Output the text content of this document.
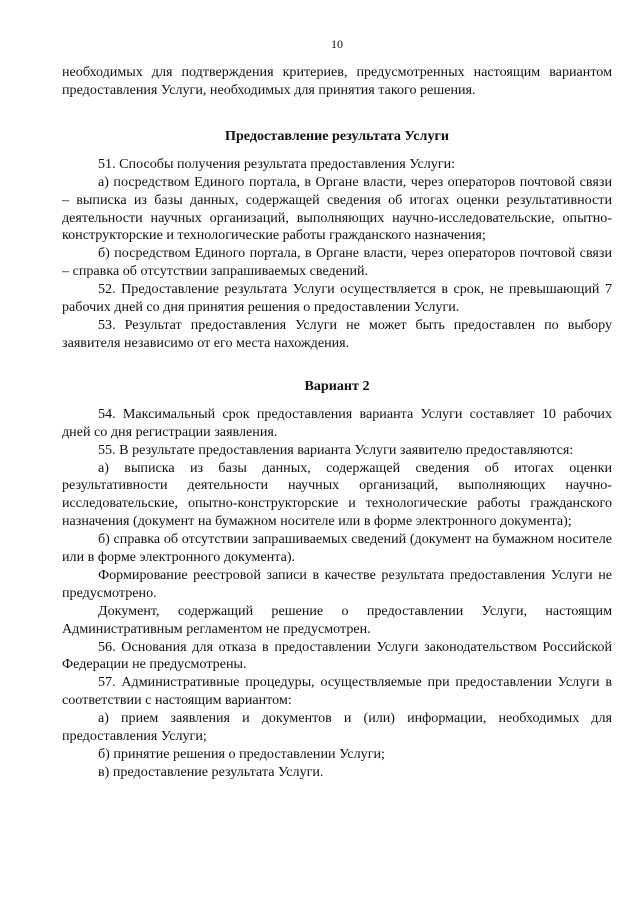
10

необходимых для подтверждения критериев, предусмотренных настоящим вариантом предоставления Услуги, необходимых для принятия такого решения.

Предоставление результата Услуги

51. Способы получения результата предоставления Услуги:

а) посредством Единого портала, в Органе власти, через операторов почтовой связи – выписка из базы данных, содержащей сведения об итогах оценки результативности деятельности научных организаций, выполняющих научно-исследовательские, опытно-конструкторские и технологические работы гражданского назначения;

б) посредством Единого портала, в Органе власти, через операторов почтовой связи – справка об отсутствии запрашиваемых сведений.

52. Предоставление результата Услуги осуществляется в срок, не превышающий 7 рабочих дней со дня принятия решения о предоставлении Услуги.

53. Результат предоставления Услуги не может быть предоставлен по выбору заявителя независимо от его места нахождения.

Вариант 2

54. Максимальный срок предоставления варианта Услуги составляет 10 рабочих дней со дня регистрации заявления.

55. В результате предоставления варианта Услуги заявителю предоставляются:

а) выписка из базы данных, содержащей сведения об итогах оценки результативности деятельности научных организаций, выполняющих научно-исследовательские, опытно-конструкторские и технологические работы гражданского назначения (документ на бумажном носителе или в форме электронного документа);

б) справка об отсутствии запрашиваемых сведений (документ на бумажном носителе или в форме электронного документа).

Формирование реестровой записи в качестве результата предоставления Услуги не предусмотрено.

Документ, содержащий решение о предоставлении Услуги, настоящим Административным регламентом не предусмотрен.

56. Основания для отказа в предоставлении Услуги законодательством Российской Федерации не предусмотрены.

57. Административные процедуры, осуществляемые при предоставлении Услуги в соответствии с настоящим вариантом:

а) прием заявления и документов и (или) информации, необходимых для предоставления Услуги;

б) принятие решения о предоставлении Услуги;

в) предоставление результата Услуги.
